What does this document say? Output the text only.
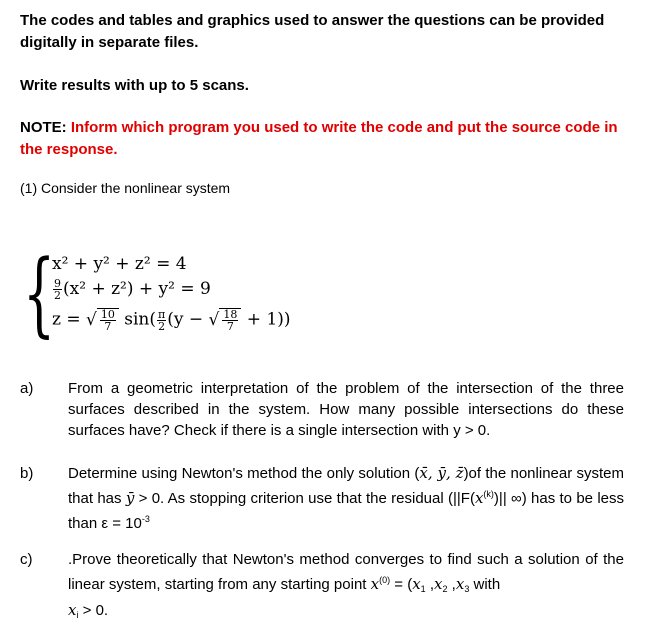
The codes and tables and graphics used to answer the questions can be provided digitally in separate files.

Write results with up to 5 scans.

NOTE: Inform which program you used to write the code and put the source code in the response.

(1) Consider the nonlinear system

{
x² + y² + z² = 4
$\frac{9}{2} (x^2 + z^2) + y^2 = 9$
z = √ $\frac{10}{7} \sin( \frac{\pi}{2} (y$ − √ $\frac{18}{7} + 1$))
a) From a geometric interpretation of the problem of the intersection of the three surfaces described in the system. How many possible intersections do these surfaces have? Check if there is a single intersection with y > 0.
b) Determine using Newton's method the only solution (x̄, ȳ, z̄)of the nonlinear system that has ȳ > 0. As stopping criterion use that the residual ($||F(x^{(k)})||$ ∞) has to be less than $\varepsilon = 10^{-3}$
c) .Prove theoretically that Newton's method converges to find such a solution of the linear system, starting from any starting point $x^{(0)} = (x_1$ $,x_2$ $,x_3$ with
$x_i > 0$.
